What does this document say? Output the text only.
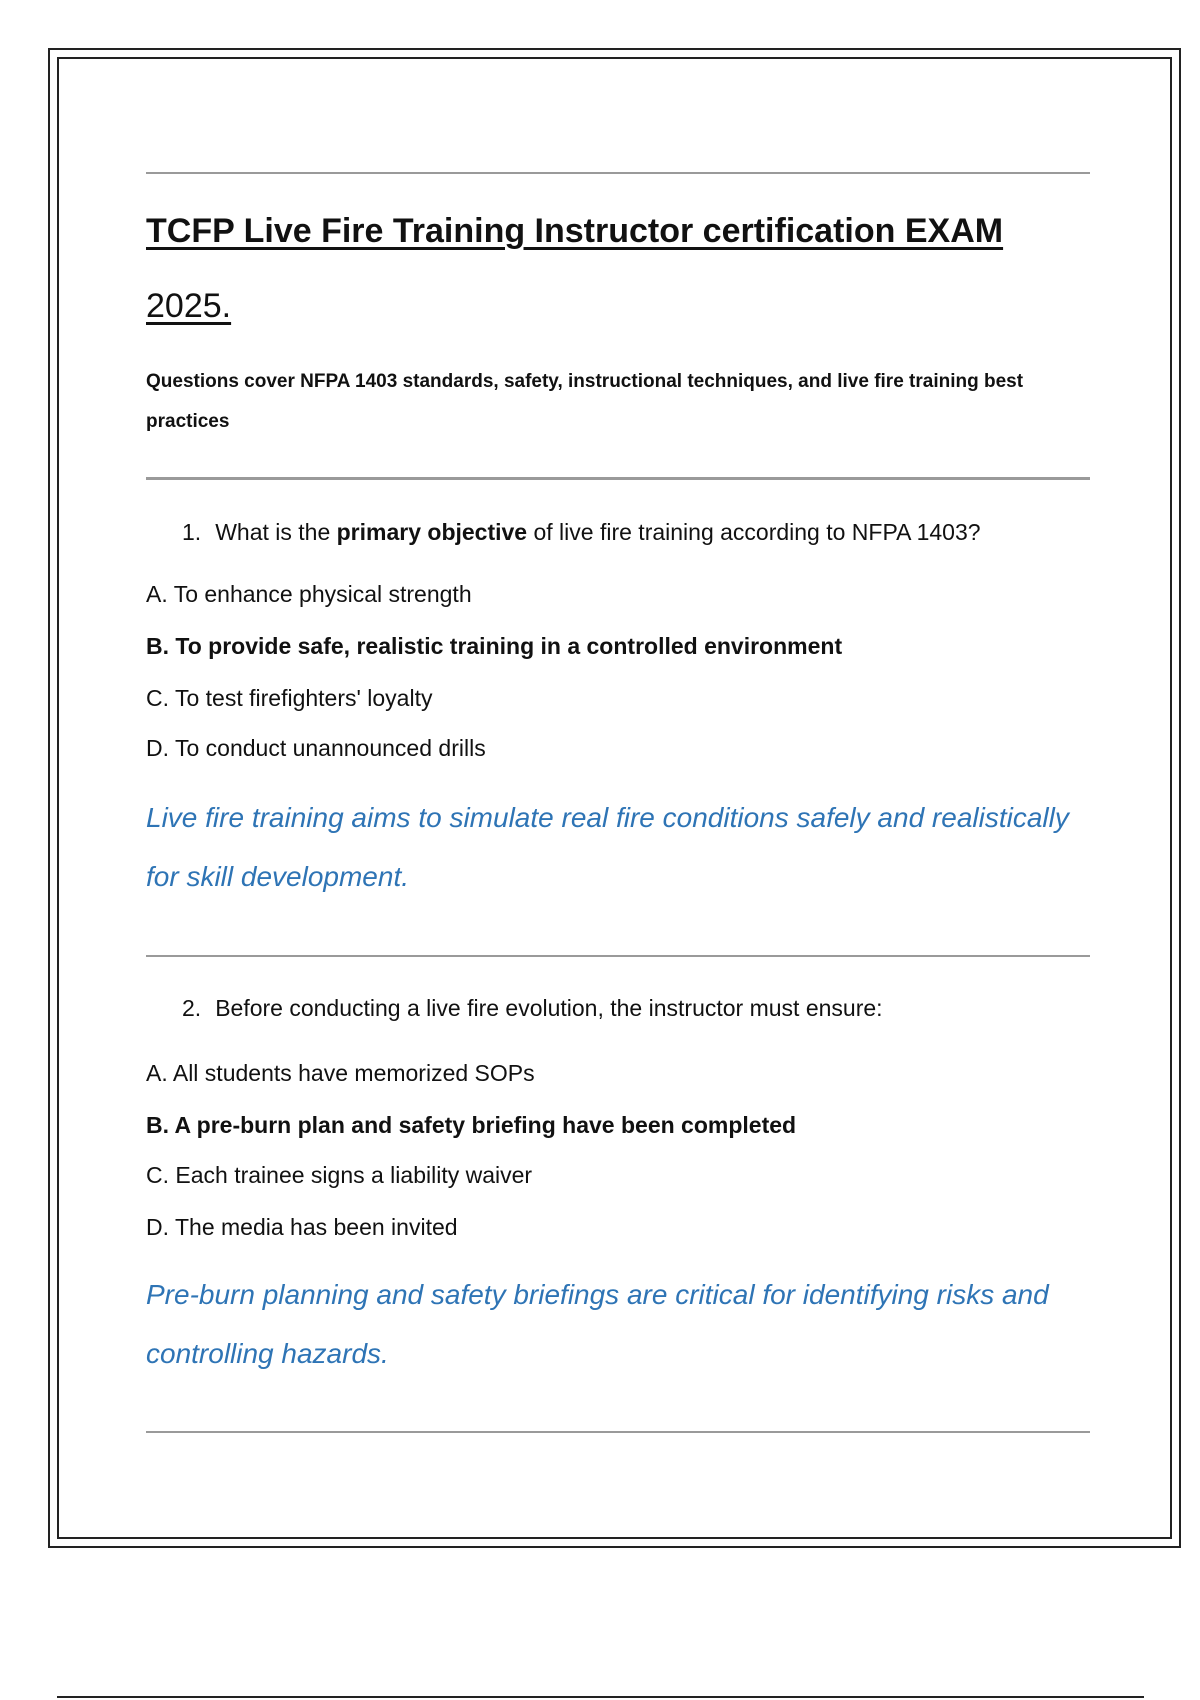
TCFP Live Fire Training Instructor certification EXAM
2025.
Questions cover NFPA 1403 standards, safety, instructional techniques, and live fire training best practices
1. What is the primary objective of live fire training according to NFPA 1403?
A. To enhance physical strength
B. To provide safe, realistic training in a controlled environment
C. To test firefighters' loyalty
D. To conduct unannounced drills
Live fire training aims to simulate real fire conditions safely and realistically for skill development.
2. Before conducting a live fire evolution, the instructor must ensure:
A. All students have memorized SOPs
B. A pre-burn plan and safety briefing have been completed
C. Each trainee signs a liability waiver
D. The media has been invited
Pre-burn planning and safety briefings are critical for identifying risks and controlling hazards.
